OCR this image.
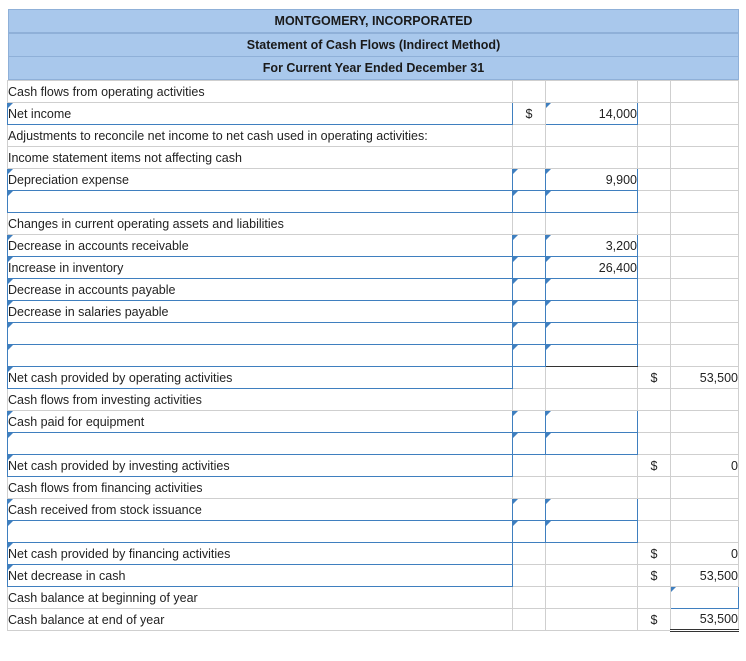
MONTGOMERY, INCORPORATED
Statement of Cash Flows (Indirect Method)
For Current Year Ended December 31
Cash flows from operating activities				
Net income	$	14,000		
Adjustments to reconcile net income to net cash used in operating activities:				
Income statement items not affecting cash				
Depreciation expense		9,900		

Changes in current operating assets and liabilities				
Decrease in accounts receivable		3,200		
Increase in inventory		26,400		
Decrease in accounts payable				
Decrease in salaries payable				

Net cash provided by operating activities			$	53,500
Cash flows from investing activities				
Cash paid for equipment				

Net cash provided by investing activities			$	0
Cash flows from financing activities				
Cash received from stock issuance				

Net cash provided by financing activities			$	0
Net decrease in cash			$	53,500
Cash balance at beginning of year				
Cash balance at end of year			$	53,500
